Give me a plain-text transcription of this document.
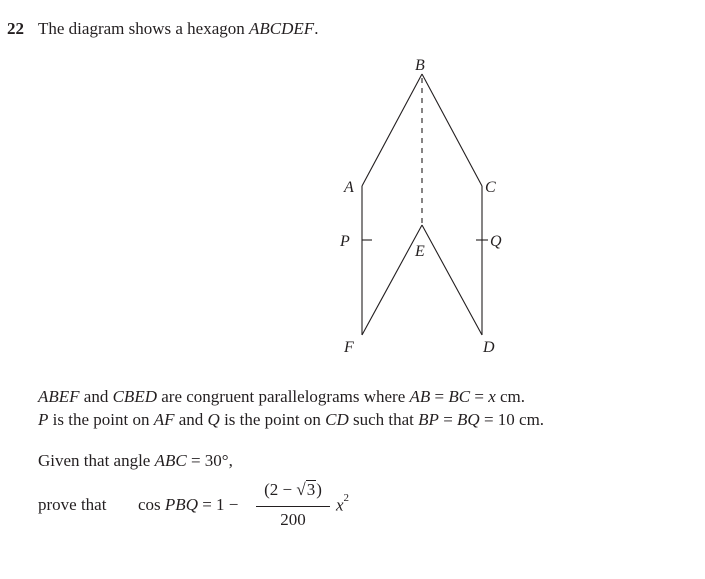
22 The diagram shows a hexagon ABCDEF.
B
A	C
P	Q
E
F	D
ABEF and CBED are congruent parallelograms where AB = BC = x cm.
P is the point on AF and Q is the point on CD such that BP = BQ = 10 cm.
Given that angle ABC = 30°,
prove that cos PBQ = 1 −
(2 − √3)
200
$x^2$
